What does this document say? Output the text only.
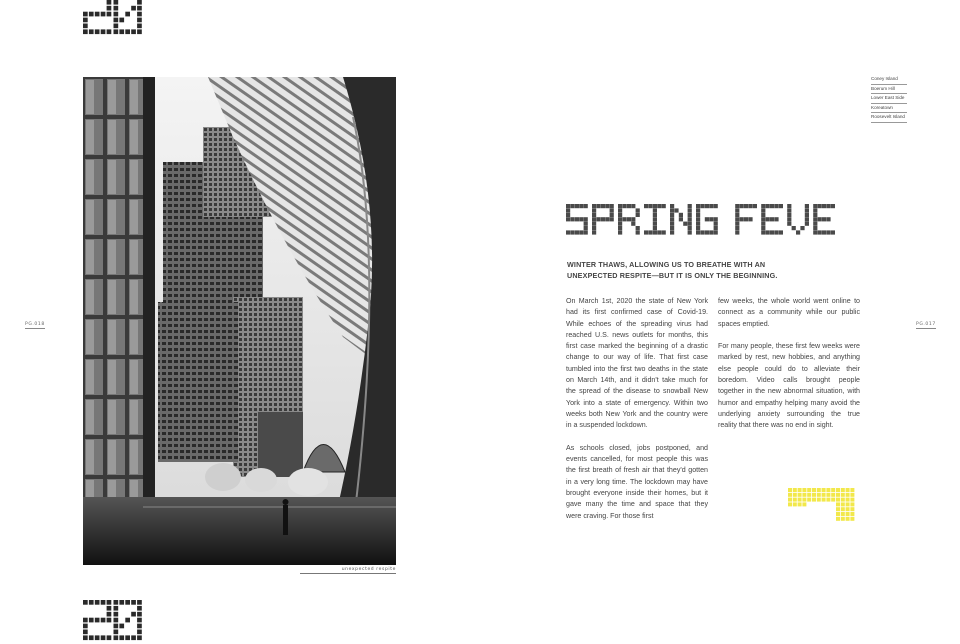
unexpected respite
PG.018	PG.017
Coney Island
Boerum Hill
Lower East Side
Koreatown
Roosevelt Island
WINTER THAWS, ALLOWING US TO BREATHE WITH AN UNEXPECTED RESPITE—BUT IT IS ONLY THE BEGINNING.

On March 1st, 2020 the state of New York had its first confirmed case of Covid-19. While echoes of the spreading virus had reached U.S. news outlets for months, this first case marked the beginning of a drastic change to our way of life. That first case tumbled into the first two deaths in the state on March 14th, and it didn't take much for the spread of the disease to snowball New York into a state of emergency. Within two weeks both New York and the country were in a suspended lockdown.

As schools closed, jobs postponed, and events cancelled, for most people this was the first breath of fresh air that they'd gotten in a very long time. The lockdown may have brought everyone inside their homes, but it gave many the time and space that they were craving. For those first

few weeks, the whole world went online to connect as a community while our public spaces emptied.

For many people, these first few weeks were marked by rest, new hobbies, and anything else people could do to alleviate their boredom. Video calls brought people together in the new abnormal situation, with humor and empathy helping many avoid the underlying anxiety surrounding the true reality that there was no end in sight.
